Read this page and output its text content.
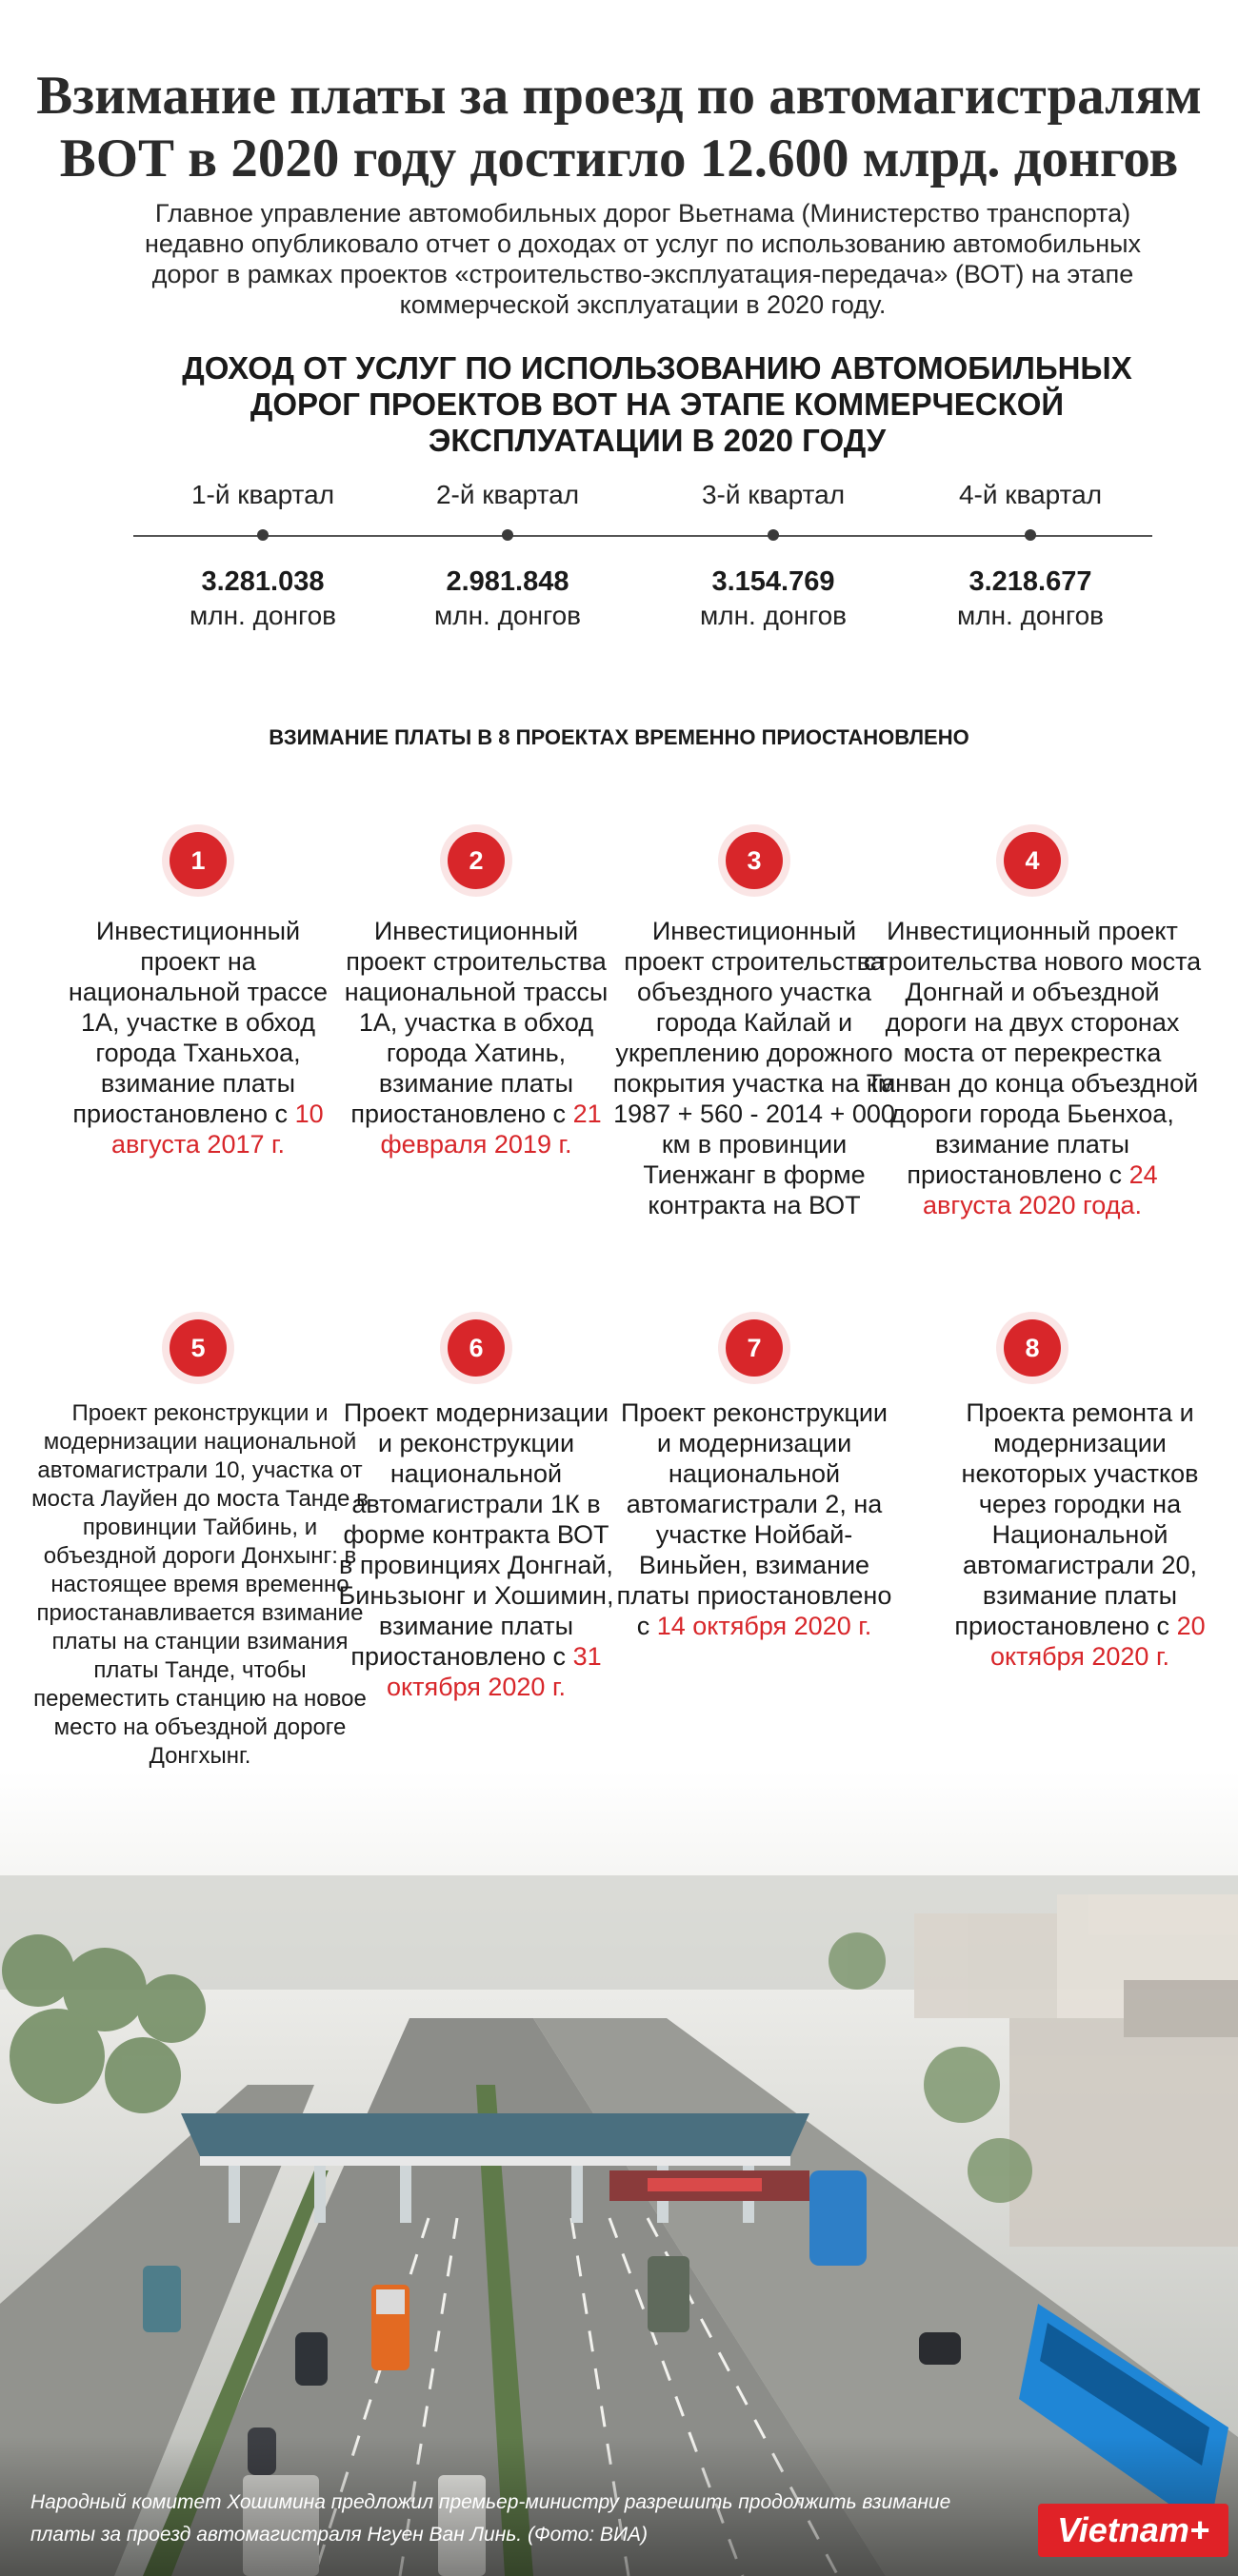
Взимание платы за проезд по автомагистралям
ВОТ в 2020 году достигло 12.600 млрд. донгов
Главное управление автомобильных дорог Вьетнама (Министерство транспорта) недавно опубликовало отчет о доходах от услуг по использованию автомобильных дорог в рамках проектов «строительство-эксплуатация-передача» (ВОТ) на этапе коммерческой эксплуатации в 2020 году.
ДОХОД ОТ УСЛУГ ПО ИСПОЛЬЗОВАНИЮ АВТОМОБИЛЬНЫХ ДОРОГ ПРОЕКТОВ ВОТ НА ЭТАПЕ КОММЕРЧЕСКОЙ ЭКСПЛУАТАЦИИ В 2020 ГОДУ
1-й квартал	2-й квартал	3-й квартал	4-й квартал
3.281.038	2.981.848	3.154.769	3.218.677
млн. донгов	млн. донгов	млн. донгов	млн. донгов
ВЗИМАНИЕ ПЛАТЫ В 8 ПРОЕКТАХ ВРЕМЕННО ПРИОСТАНОВЛЕНО
1	2	3	4
Инвестиционный проект на национальной трассе 1А, участке в обход города Тханьхоа, взимание платы приостановлено с 10 августа 2017 г.
Инвестиционный проект строительства национальной трассы 1А, участка в обход города Хатинь, взимание платы приостановлено с 21 февраля 2019 г.
Инвестиционный проект строительства объездного участка города Кайлай и укреплению дорожного покрытия участка на км 1987 + 560 - 2014 + 000 км в провинции Тиенжанг в форме контракта на ВОТ
Инвестиционный проект строительства нового моста Донгнай и объездной дороги на двух сторонах моста от перекрестка Танван до конца объездной дороги города Бьенхоа, взимание платы приостановлено с 24 августа 2020 года.
5	6	7	8
Проект реконструкции и модернизации национальной автомагистрали 10, участка от моста Лауйен до моста Танде в провинции Тайбинь, и объездной дороги Донхынг: в настоящее время временно приостанавливается взимание платы на станции взимания платы Танде, чтобы переместить станцию на новое место на объездной дороге Донгхынг.
Проект модернизации и реконструкции национальной автомагистрали 1К в форме контракта ВОТ в провинциях Донгнай, Биньзыонг и Хошимин, взимание платы приостановлено с 31 октября 2020 г.
Проект реконструкции и модернизации национальной автомагистрали 2, на участке Нойбай-Виньйен, взимание платы приостановлено с 14 октября 2020 г.
Проекта ремонта и модернизации некоторых участков через городки на Национальной автомагистрали 20, взимание платы приостановлено с 20 октября 2020 г.
Народный комитет Хошимина предложил премьер-министру разрешить продолжить взимание платы за проезд автомагистраля Нгуен Ван Линь. (Фото: ВИА)	Vietnam+
